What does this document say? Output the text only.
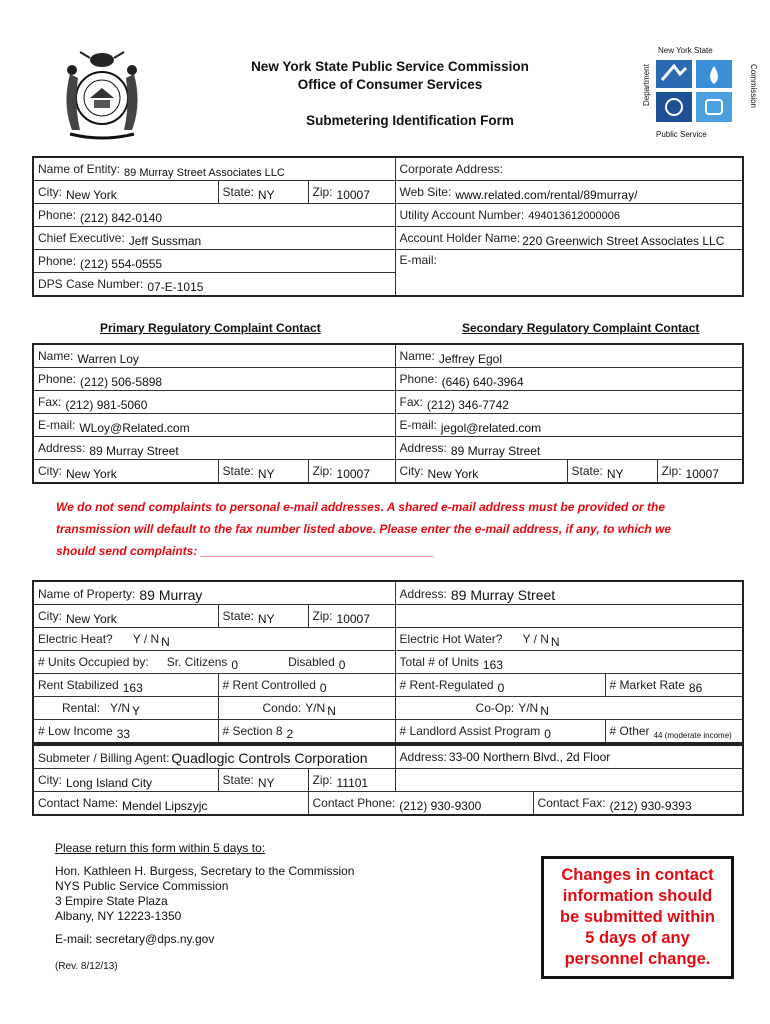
New York State Public Service Commission
Office of Consumer Services
Submetering Identification Form
New York State
Department	Commission
Public Service
Name of Entity: 89 Murray Street Associates LLC			Corporate Address:
City: New York	State: NY	Zip: 10007	Web Site: www.related.com/rental/89murray/
Phone: (212) 842-0140			Utility Account Number: 494013612000006
Chief Executive: Jeff Sussman			Account Holder Name: 220 Greenwich Street Associates LLC
Phone: (212) 554-0555			E-mail:
DPS Case Number: 07-E-1015			
Primary Regulatory Complaint Contact	Secondary Regulatory Complaint Contact
Name: Warren Loy			Name: Jeffrey Egol		
Phone: (212) 506-5898			Phone: (646) 640-3964		
Fax: (212) 981-5060			Fax: (212) 346-7742		
E-mail: WLoy@Related.com			E-mail: jegol@related.com		
Address: 89 Murray Street			Address: 89 Murray Street		
City: New York	State: NY	Zip: 10007	City: New York	State: NY	Zip: 10007
We do not send complaints to personal e-mail addresses. A shared e-mail address must be provided or the
transmission will default to the fax number listed above. Please enter the e-mail address, if any, to which we
should send complaints: ___________________________________
Name of Property: 89 Murray			Address: 89 Murray Street	
City: New York	State: NY	Zip: 10007		
Electric Heat? Y / N N			Electric Hot Water? Y / N N	
# Units Occupied by: Sr. Citizens 0 Disabled 0			Total # of Units 163	
Rent Stabilized 163	# Rent Controlled 0		# Rent-Regulated 0	# Market Rate 86
Rental: Y/N Y	Condo: Y/N N		Co-Op: Y/N N	
# Low Income 33	# Section 8 2		# Landlord Assist Program 0	# Other $_{44 (moderate income)}$
Submeter / Billing Agent: Quadlogic Controls Corporation			Address: 33-00 Northern Blvd., 2d Floor	
City: Long Island City	State: NY	Zip: 11101		
Contact Name: Mendel Lipszyjc		Contact Phone: (212) 930-9300		Contact Fax: (212) 930-9393
Please return this form within 5 days to:
Hon. Kathleen H. Burgess, Secretary to the Commission
NYS Public Service Commission
3 Empire State Plaza
Albany, NY 12223-1350
E-mail: secretary@dps.ny.gov
(Rev. 8/12/13)
Changes in contact
information should
be submitted within
5 days of any
personnel change.
